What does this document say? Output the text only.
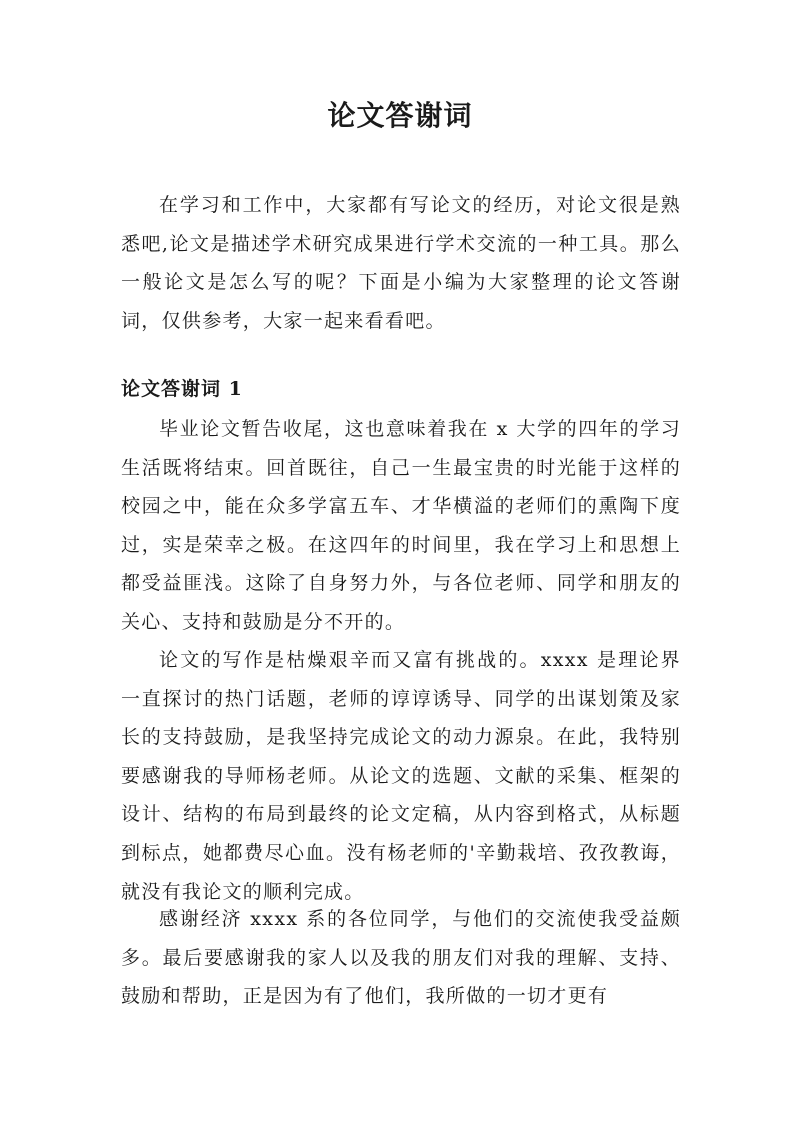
论文答谢词

在学习和工作中，大家都有写论文的经历，对论文很是熟悉吧,论文是描述学术研究成果进行学术交流的一种工具。那么一般论文是怎么写的呢？下面是小编为大家整理的论文答谢词，仅供参考，大家一起来看看吧。

论文答谢词 1

毕业论文暂告收尾，这也意味着我在 x 大学的四年的学习生活既将结束。回首既往，自己一生最宝贵的时光能于这样的校园之中，能在众多学富五车、才华横溢的老师们的熏陶下度过，实是荣幸之极。在这四年的时间里，我在学习上和思想上都受益匪浅。这除了自身努力外，与各位老师、同学和朋友的关心、支持和鼓励是分不开的。

论文的写作是枯燥艰辛而又富有挑战的。xxxx 是理论界一直探讨的热门话题，老师的谆谆诱导、同学的出谋划策及家长的支持鼓励，是我坚持完成论文的动力源泉。在此，我特别要感谢我的导师杨老师。从论文的选题、文献的采集、框架的设计、结构的布局到最终的论文定稿，从内容到格式，从标题到标点，她都费尽心血。没有杨老师的'辛勤栽培、孜孜教诲，就没有我论文的顺利完成。

感谢经济 xxxx 系的各位同学，与他们的交流使我受益颇多。最后要感谢我的家人以及我的朋友们对我的理解、支持、鼓励和帮助，正是因为有了他们，我所做的一切才更有
